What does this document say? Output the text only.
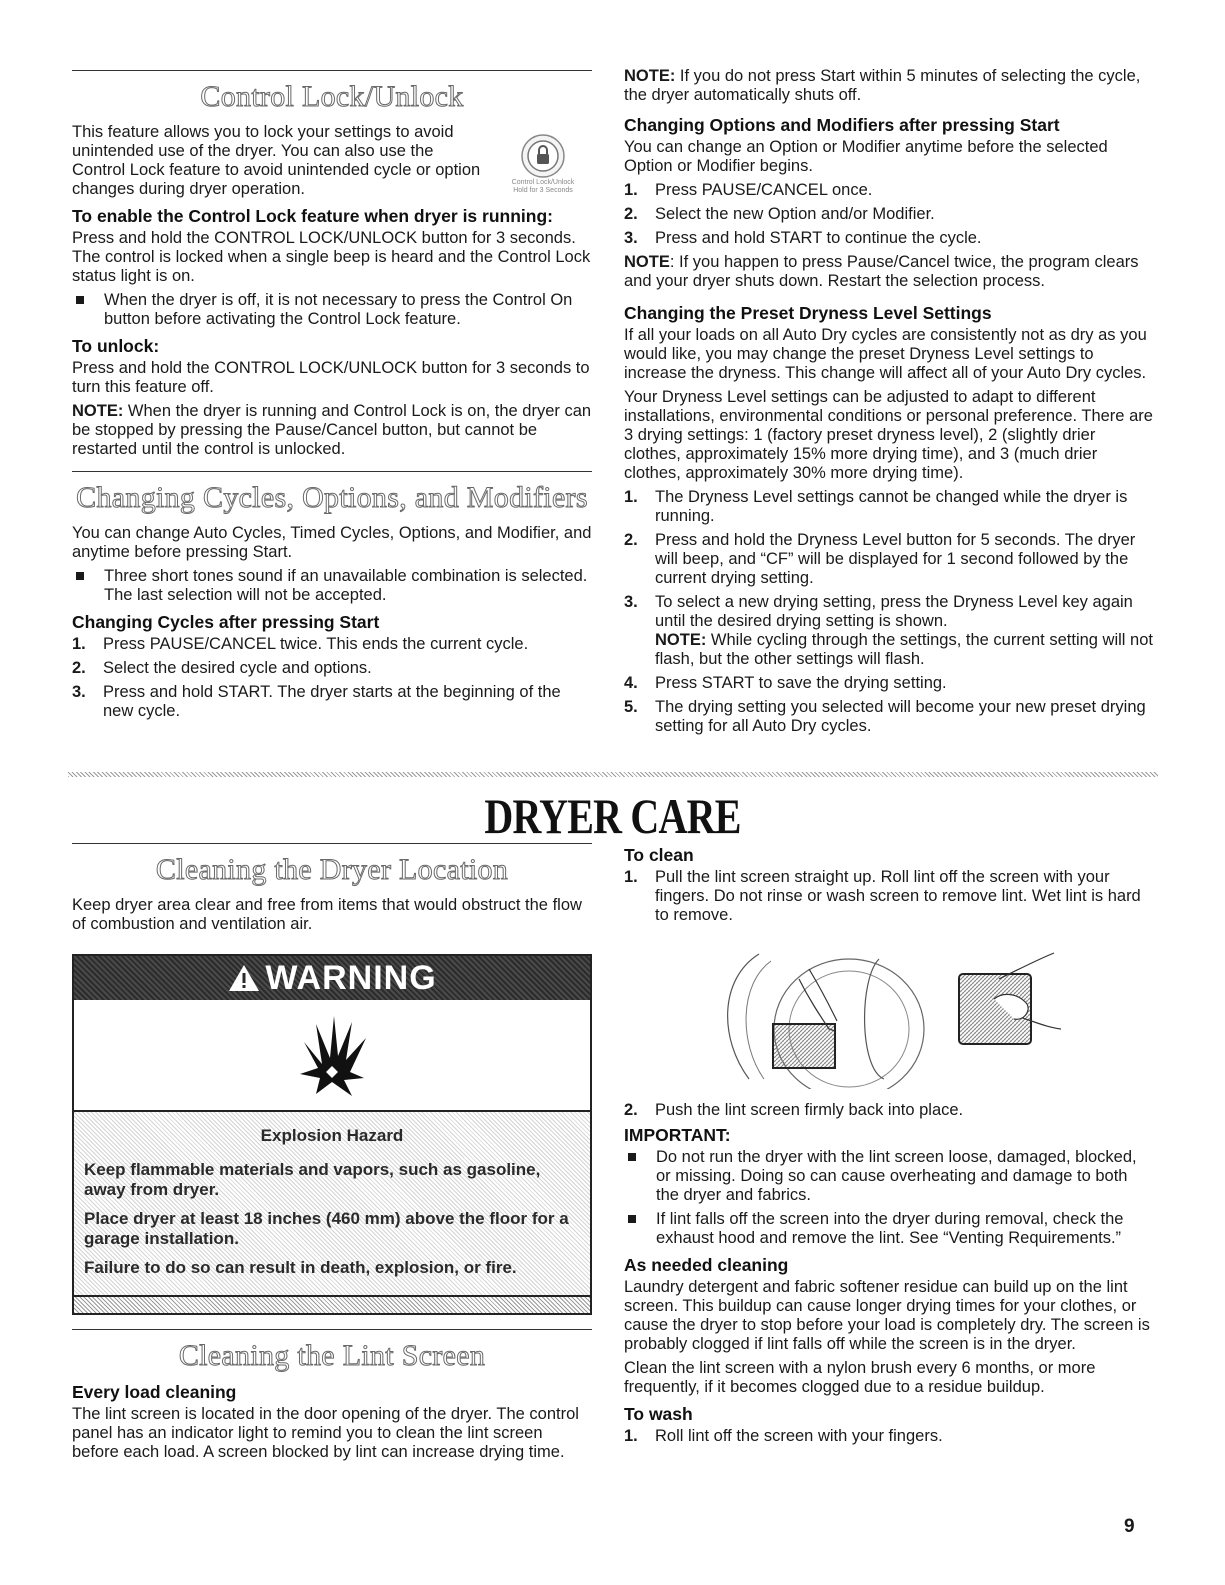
Control Lock/Unlock
Control Lock/Unlock
Hold for 3 Seconds

This feature allows you to lock your settings to avoid unintended use of the dryer. You can also use the Control Lock feature to avoid unintended cycle or option changes during dryer operation.

To enable the Control Lock feature when dryer is running:

Press and hold the CONTROL LOCK/UNLOCK button for 3 seconds. The control is locked when a single beep is heard and the Control Lock status light is on.

When the dryer is off, it is not necessary to press the Control On button before activating the Control Lock feature.
To unlock:

Press and hold the CONTROL LOCK/UNLOCK button for 3 seconds to turn this feature off.

NOTE: When the dryer is running and Control Lock is on, the dryer can be stopped by pressing the Pause/Cancel button, but cannot be restarted until the control is unlocked.

Changing Cycles, Options, and Modifiers

You can change Auto Cycles, Timed Cycles, Options, and Modifier, and anytime before pressing Start.

Three short tones sound if an unavailable combination is selected. The last selection will not be accepted.
Changing Cycles after pressing Start
1. Press PAUSE/CANCEL twice. This ends the current cycle.
2. Select the desired cycle and options.
3. Press and hold START. The dryer starts at the beginning of the new cycle.

NOTE: If you do not press Start within 5 minutes of selecting the cycle, the dryer automatically shuts off.

Changing Options and Modifiers after pressing Start

You can change an Option or Modifier anytime before the selected Option or Modifier begins.

1. Press PAUSE/CANCEL once.
2. Select the new Option and/or Modifier.
3. Press and hold START to continue the cycle.

NOTE: If you happen to press Pause/Cancel twice, the program clears and your dryer shuts down. Restart the selection process.

Changing the Preset Dryness Level Settings

If all your loads on all Auto Dry cycles are consistently not as dry as you would like, you may change the preset Dryness Level settings to increase the dryness. This change will affect all of your Auto Dry cycles.

Your Dryness Level settings can be adjusted to adapt to different installations, environmental conditions or personal preference. There are 3 drying settings: 1 (factory preset dryness level), 2 (slightly drier clothes, approximately 15% more drying time), and 3 (much drier clothes, approximately 30% more drying time).

1. The Dryness Level settings cannot be changed while the dryer is running.
2. Press and hold the Dryness Level button for 5 seconds. The dryer will beep, and “CF” will be displayed for 1 second followed by the current drying setting.
3. To select a new drying setting, press the Dryness Level key again until the desired drying setting is shown.
NOTE: While cycling through the settings, the current setting will not flash, but the other settings will flash.
4. Press START to save the drying setting.
5. The drying setting you selected will become your new preset drying setting for all Auto Dry cycles.
DRYER CARE
Cleaning the Dryer Location

Keep dryer area clear and free from items that would obstruct the flow of combustion and ventilation air.

WARNING

Explosion Hazard

Keep flammable materials and vapors, such as gasoline, away from dryer.

Place dryer at least 18 inches (460 mm) above the floor for a garage installation.

Failure to do so can result in death, explosion, or fire.

Cleaning the Lint Screen
Every load cleaning

The lint screen is located in the door opening of the dryer. The control panel has an indicator light to remind you to clean the lint screen before each load. A screen blocked by lint can increase drying time.

To clean
1. Pull the lint screen straight up. Roll lint off the screen with your fingers. Do not rinse or wash screen to remove lint. Wet lint is hard to remove.
2. Push the lint screen firmly back into place.
IMPORTANT:
Do not run the dryer with the lint screen loose, damaged, blocked, or missing. Doing so can cause overheating and damage to both the dryer and fabrics.
If lint falls off the screen into the dryer during removal, check the exhaust hood and remove the lint. See “Venting Requirements.”
As needed cleaning

Laundry detergent and fabric softener residue can build up on the lint screen. This buildup can cause longer drying times for your clothes, or cause the dryer to stop before your load is completely dry. The screen is probably clogged if lint falls off while the screen is in the dryer.

Clean the lint screen with a nylon brush every 6 months, or more frequently, if it becomes clogged due to a residue buildup.

To wash
1. Roll lint off the screen with your fingers.
9
